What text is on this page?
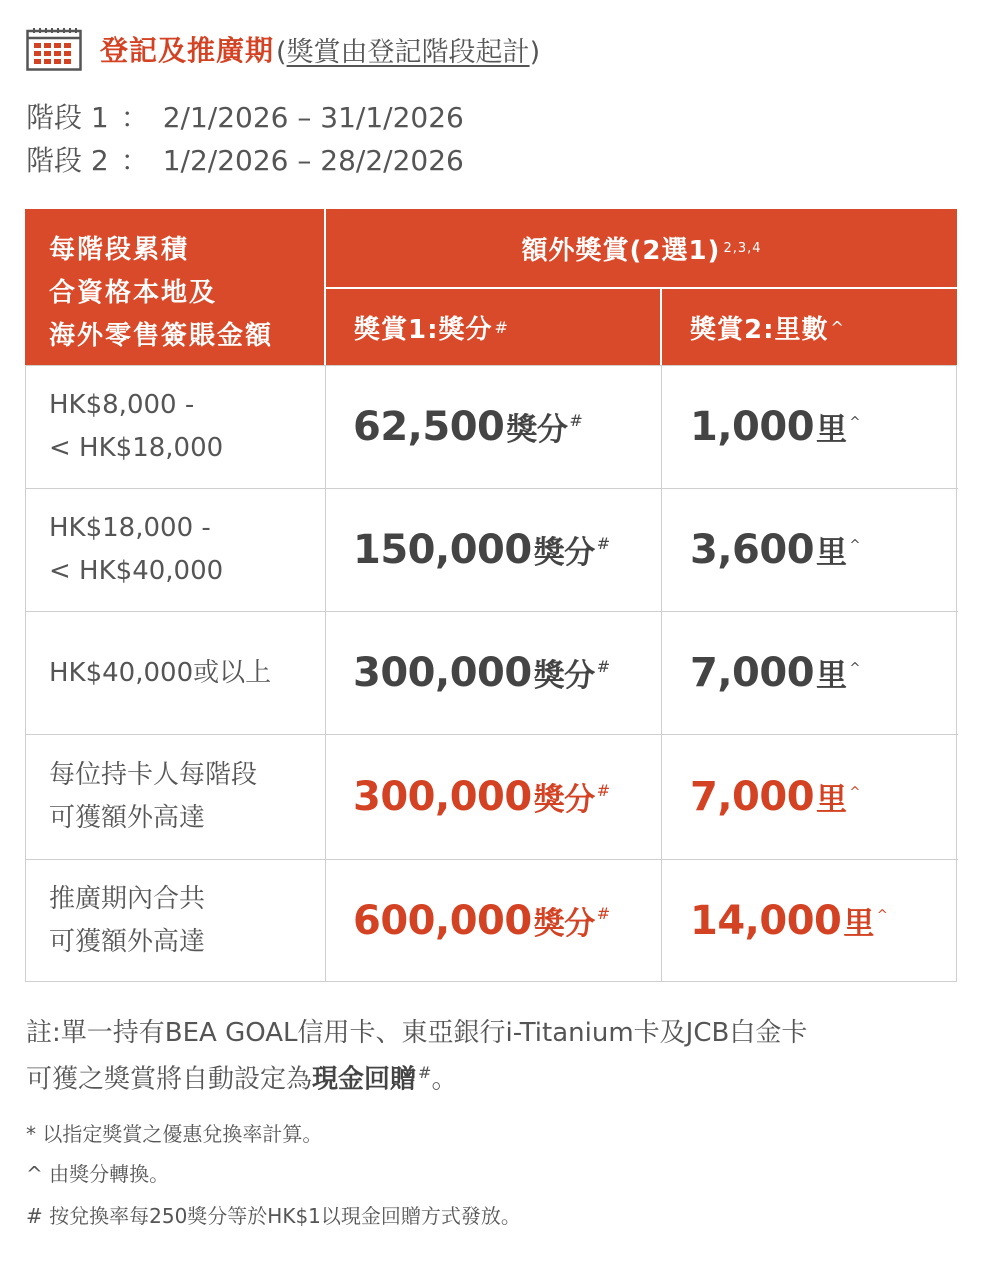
登記及推廣期 (獎賞由登記階段起計)
階段 1 ： 2/1/2026 – 31/1/2026
階段 2 ： 1/2/2026 – 28/2/2026
每階段累積
合資格本地及
海外零售簽賬金額
額外獎賞(2選1) 2,3,4
獎賞1:獎分 #	獎賞2:里數 ^
HK$8,000 -
< HK$18,000	62,500獎分 #	1,000里 ^
HK$18,000 -
< HK$40,000	150,000獎分 # 3,600里 ^
HK$40,000或以上 300,000獎分 # 7,000里 ^
每位持卡人每階段
可獲額外高達	300,000獎分 # 7,000里 ^
推廣期內合共
可獲額外高達	600,000獎分 # 14,000里 ^
註:單一持有BEA GOAL信用卡、東亞銀行i-Titanium卡及JCB白金卡
可獲之獎賞將自動設定為現金回贈 #。
* 以指定獎賞之優惠兌換率計算。
^ 由獎分轉換。
# 按兌換率每250獎分等於HK$1以現金回贈方式發放。
